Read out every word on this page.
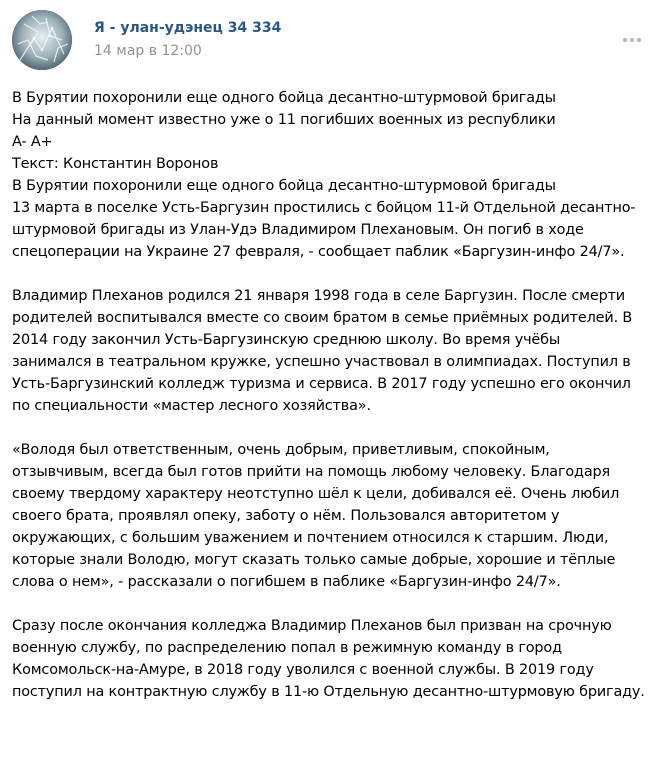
Я - улан-удэнец 34 334
14 мар в 12:00
В Бурятии похоронили еще одного бойца десантно-штурмовой бригады
На данный момент известно уже о 11 погибших военных из республики
A- A+
Текст: Константин Воронов
В Бурятии похоронили еще одного бойца десантно-штурмовой бригады
13 марта в поселке Усть-Баргузин простились с бойцом 11-й Отдельной десантно-
штурмовой бригады из Улан-Удэ Владимиром Плехановым. Он погиб в ходе
спецоперации на Украине 27 февраля, - сообщает паблик «Баргузин-инфо 24/7».
Владимир Плеханов родился 21 января 1998 года в селе Баргузин. После смерти
родителей воспитывался вместе со своим братом в семье приёмных родителей. В
2014 году закончил Усть-Баргузинскую среднюю школу. Во время учёбы
занимался в театральном кружке, успешно участвовал в олимпиадах. Поступил в
Усть-Баргузинский колледж туризма и сервиса. В 2017 году успешно его окончил
по специальности «мастер лесного хозяйства».
«Володя был ответственным, очень добрым, приветливым, спокойным,
отзывчивым, всегда был готов прийти на помощь любому человеку. Благодаря
своему твердому характеру неотступно шёл к цели, добивался её. Очень любил
своего брата, проявлял опеку, заботу о нём. Пользовался авторитетом у
окружающих, с большим уважением и почтением относился к старшим. Люди,
которые знали Володю, могут сказать только самые добрые, хорошие и тёплые
слова о нем», - рассказали о погибшем в паблике «Баргузин-инфо 24/7».
Сразу после окончания колледжа Владимир Плеханов был призван на срочную
военную службу, по распределению попал в режимную команду в город
Комсомольск-на-Амуре, в 2018 году уволился с военной службы. В 2019 году
поступил на контрактную службу в 11-ю Отдельную десантно-штурмовую бригаду.
